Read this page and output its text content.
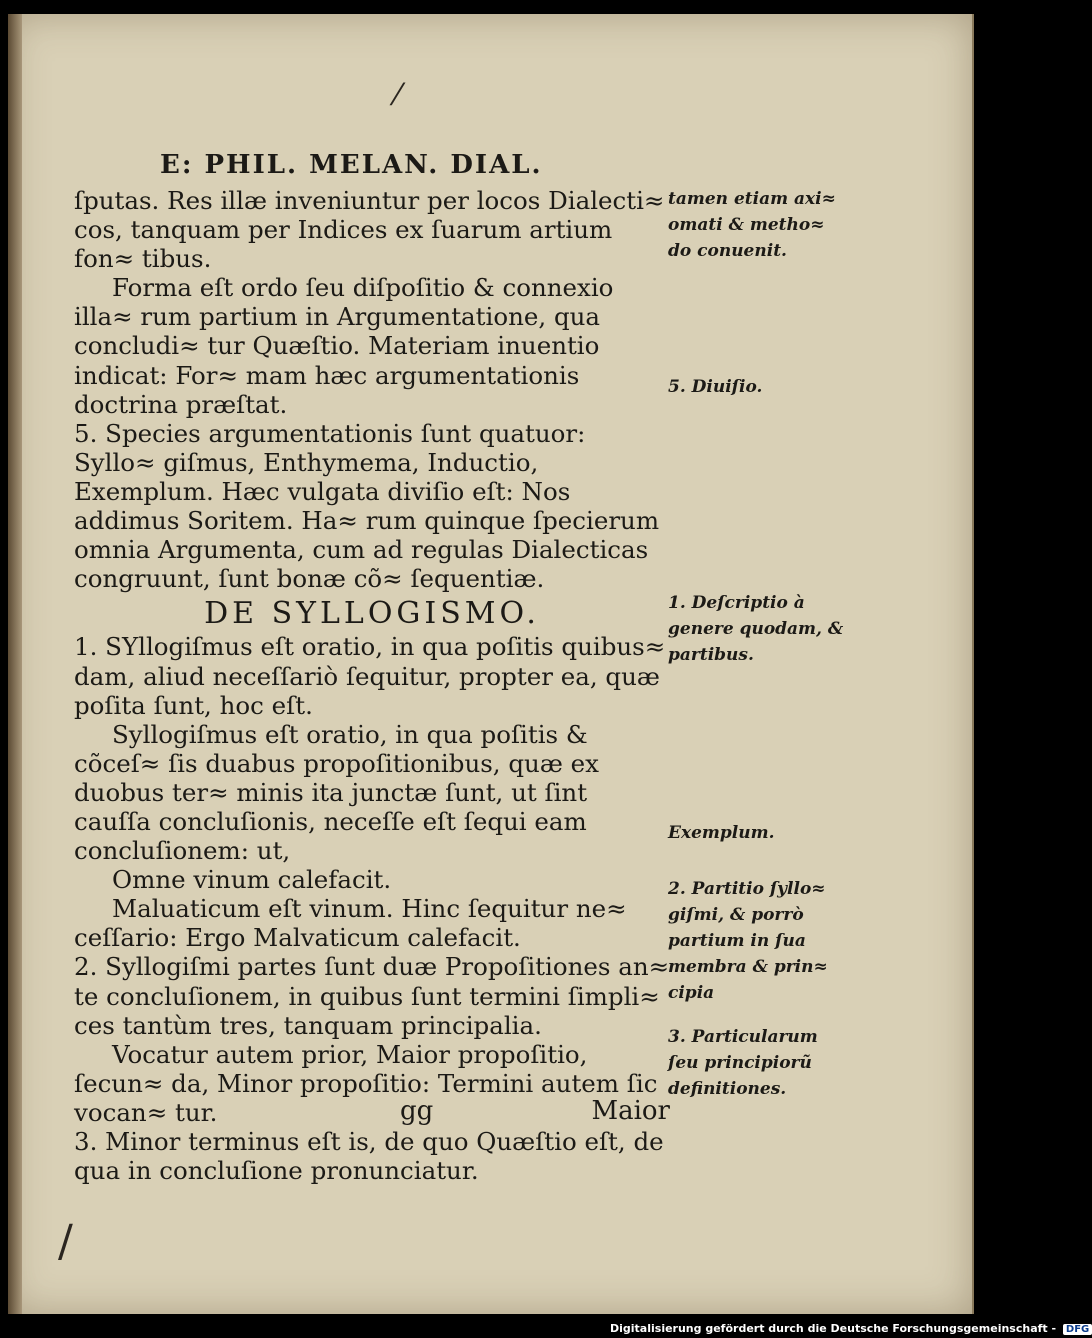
⁄
/
E: PHIL. MELAN. DIAL.

ſputas. Res illæ inveniuntur per locos Dialecti≈ cos, tanquam per Indices ex ſuarum artium fon≈ tibus.

Forma eſt ordo ſeu diſpoſitio & connexio illa≈ rum partium in Argumentatione, qua concludi≈ tur Quæſtio. Materiam inuentio indicat: For≈ mam hæc argumentationis doctrina præſtat.

5. Species argumentationis ſunt quatuor: Syllo≈ giſmus, Enthymema, Inductio, Exemplum. Hæc vulgata diviſio eſt: Nos addimus Soritem. Ha≈ rum quinque ſpecierum omnia Argumenta, cum ad regulas Dialecticas congruunt, ſunt bonæ cõ≈ ſequentiæ.

DE SYLLOGISMO.

1. SYllogiſmus eſt oratio, in qua poſitis quibus≈ dam, aliud neceſſariò ſequitur, propter ea, quæ poſita ſunt, hoc eſt.

Syllogiſmus eſt oratio, in qua poſitis & cõceſ≈ ſis duabus propoſitionibus, quæ ex duobus ter≈ minis ita junctæ ſunt, ut ſint cauſſa concluſionis, neceſſe eſt ſequi eam concluſionem: ut,

Omne vinum calefacit.

Maluaticum eſt vinum. Hinc ſequitur ne≈ ceſſario: Ergo Malvaticum calefacit.

2. Syllogiſmi partes ſunt duæ Propoſitiones an≈ te concluſionem, in quibus ſunt termini ſimpli≈ ces tantùm tres, tanquam principalia.

Vocatur autem prior, Maior propoſitio, ſecun≈ da, Minor propoſitio: Termini autem ſic vocan≈ tur.

3. Minor terminus eſt is, de quo Quæſtio eſt, de qua in concluſione pronunciatur.

tamen etiam axi≈ omati & metho≈ do conuenit.
5. Diuiſio.
1. Deſcriptio à genere quodam, & partibus.
Exemplum.
2. Partitio ſyllo≈ giſmi, & porrò partium in ſua membra & prin≈ cipia
3. Particularum ſeu principiorũ definitiones.
gg	Maior
Digitalisierung gefördert durch die Deutsche Forschungsgemeinschaft - DFG
